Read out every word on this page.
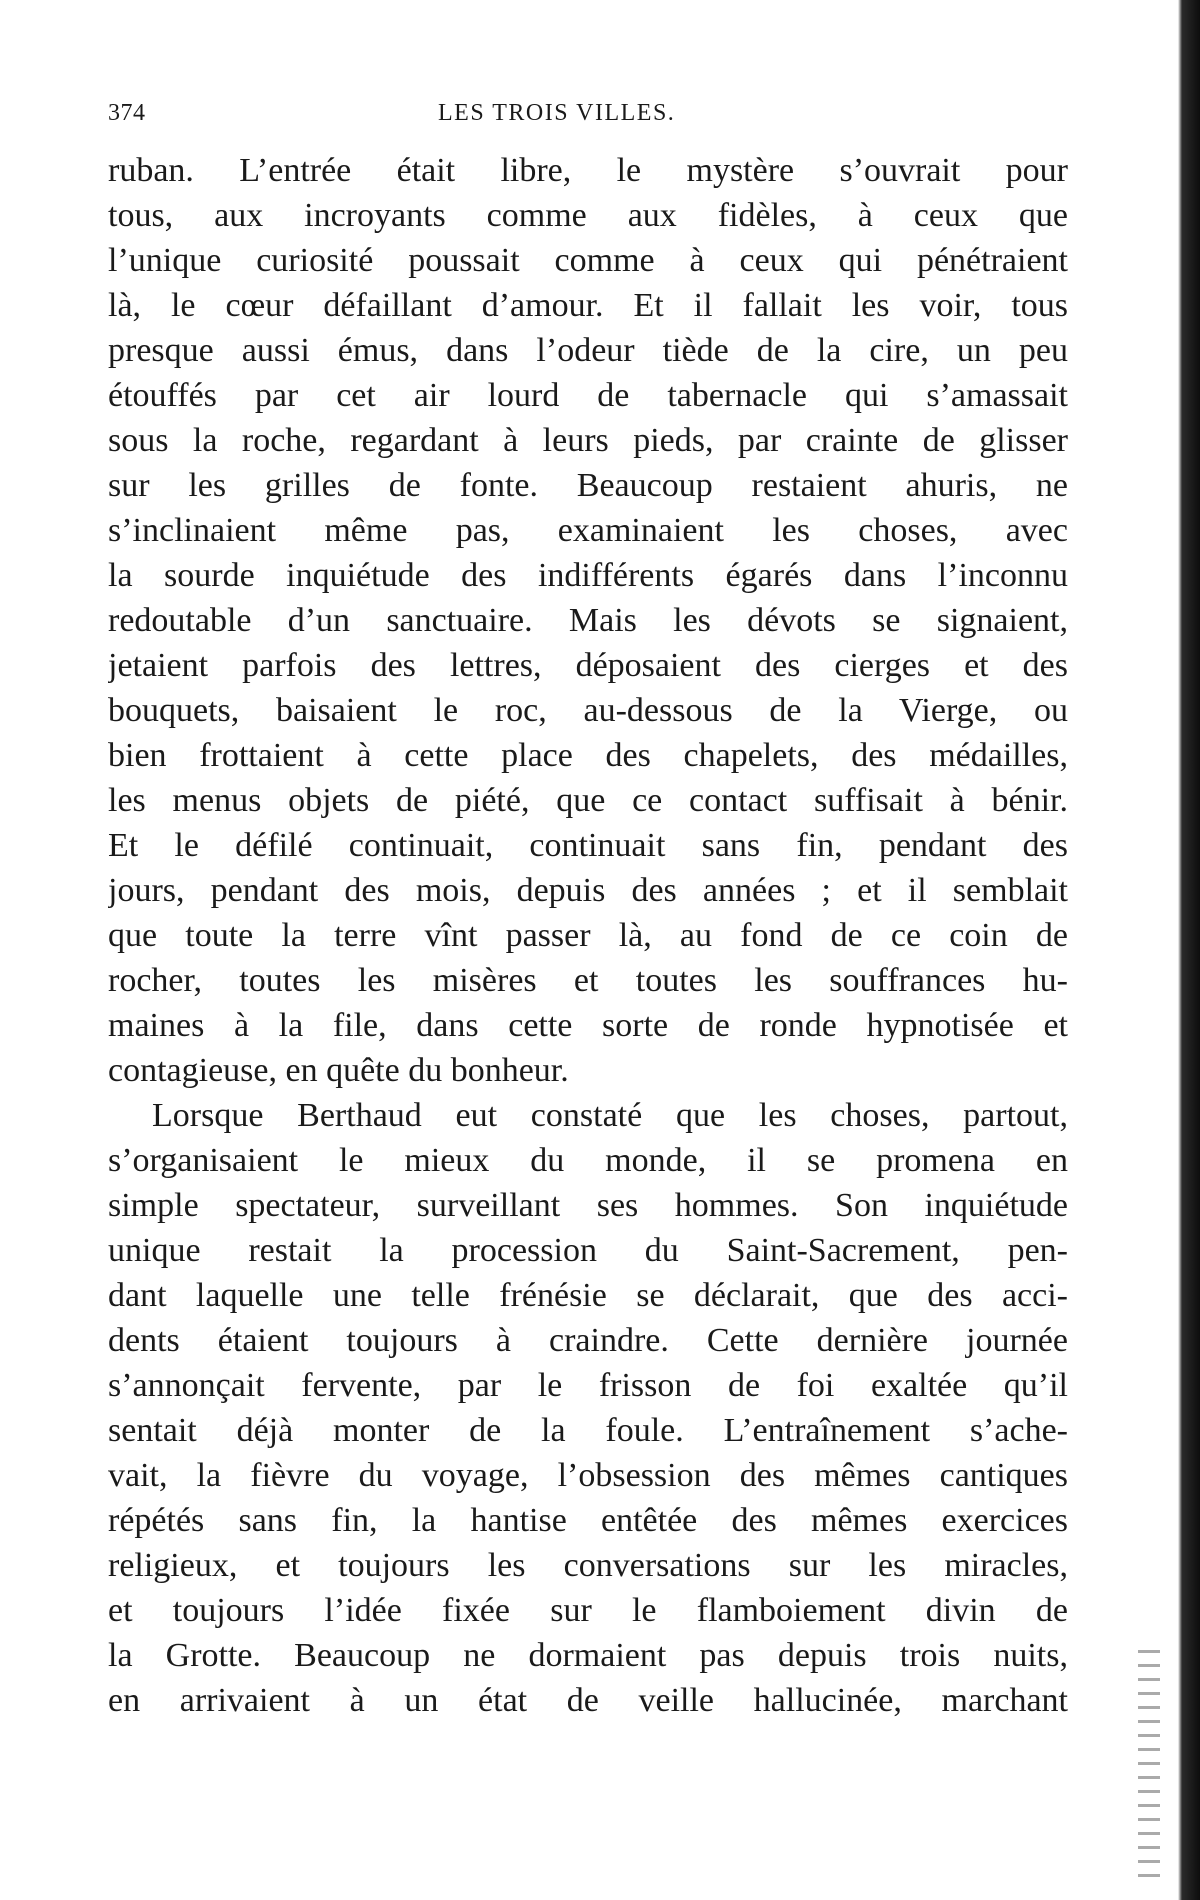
374	LES TROIS VILLES.
ruban. L’entrée était libre, le mystère s’ouvrait pour
tous, aux incroyants comme aux fidèles, à ceux que
l’unique curiosité poussait comme à ceux qui pénétraient
là, le cœur défaillant d’amour. Et il fallait les voir, tous
presque aussi émus, dans l’odeur tiède de la cire, un peu
étouffés par cet air lourd de tabernacle qui s’amassait
sous la roche, regardant à leurs pieds, par crainte de glisser
sur les grilles de fonte. Beaucoup restaient ahuris, ne
s’inclinaient même pas, examinaient les choses, avec
la sourde inquiétude des indifférents égarés dans l’inconnu
redoutable d’un sanctuaire. Mais les dévots se signaient,
jetaient parfois des lettres, déposaient des cierges et des
bouquets, baisaient le roc, au-dessous de la Vierge, ou
bien frottaient à cette place des chapelets, des médailles,
les menus objets de piété, que ce contact suffisait à bénir.
Et le défilé continuait, continuait sans fin, pendant des
jours, pendant des mois, depuis des années ; et il semblait
que toute la terre vînt passer là, au fond de ce coin de
rocher, toutes les misères et toutes les souffrances hu-
maines à la file, dans cette sorte de ronde hypnotisée et
contagieuse, en quête du bonheur.
Lorsque Berthaud eut constaté que les choses, partout,
s’organisaient le mieux du monde, il se promena en
simple spectateur, surveillant ses hommes. Son inquiétude
unique restait la procession du Saint-Sacrement, pen-
dant laquelle une telle frénésie se déclarait, que des acci-
dents étaient toujours à craindre. Cette dernière journée
s’annonçait fervente, par le frisson de foi exaltée qu’il
sentait déjà monter de la foule. L’entraînement s’ache-
vait, la fièvre du voyage, l’obsession des mêmes cantiques
répétés sans fin, la hantise entêtée des mêmes exercices
religieux, et toujours les conversations sur les miracles,
et toujours l’idée fixée sur le flamboiement divin de
la Grotte. Beaucoup ne dormaient pas depuis trois nuits,
en arrivaient à un état de veille hallucinée, marchant
